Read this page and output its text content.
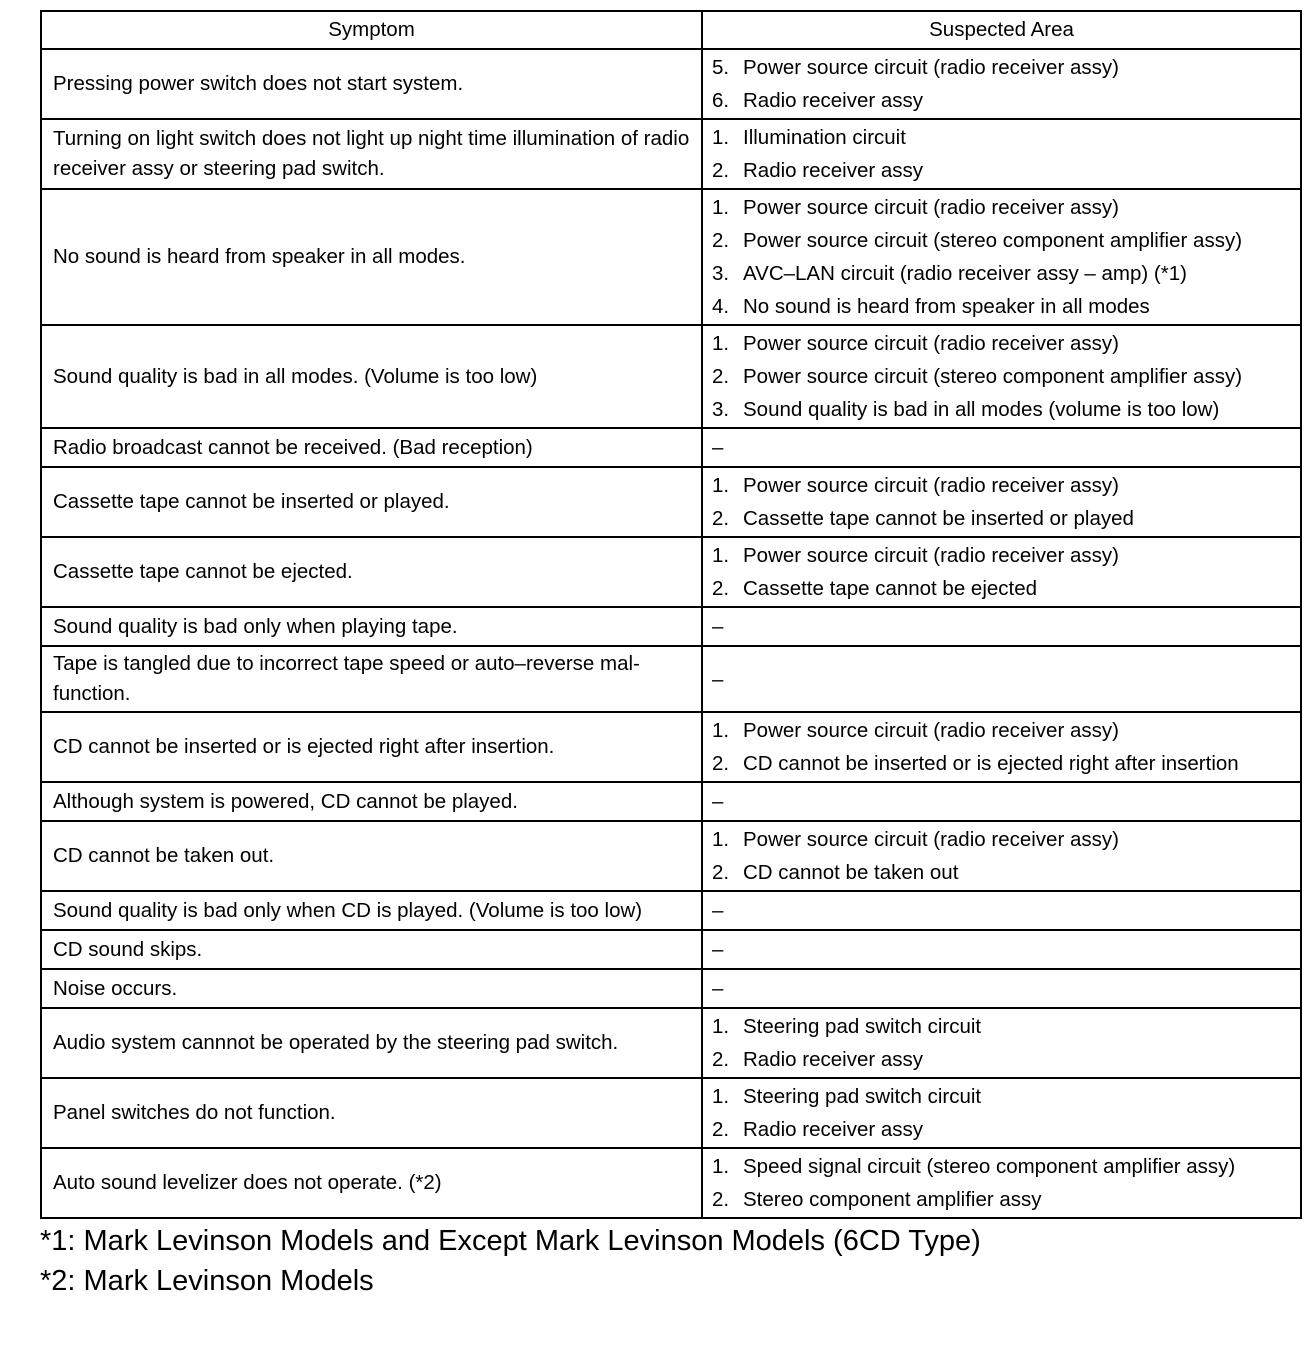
Symptom	Suspected Area
Pressing power switch does not start system.	5. Power source circuit (radio receiver assy)
6. Radio receiver assy

Turning on light switch does not light up night time illumination of radio receiver assy or steering pad switch.	1. Illumination circuit
2. Radio receiver assy

No sound is heard from speaker in all modes.	1. Power source circuit (radio receiver assy)
2. Power source circuit (stereo component amplifier assy)
3. AVC–LAN circuit (radio receiver assy – amp) (*1)
4. No sound is heard from speaker in all modes

Sound quality is bad in all modes. (Volume is too low)	1. Power source circuit (radio receiver assy)
2. Power source circuit (stereo component amplifier assy)
3. Sound quality is bad in all modes (volume is too low)

Radio broadcast cannot be received. (Bad reception)	–
Cassette tape cannot be inserted or played.	1. Power source circuit (radio receiver assy)
2. Cassette tape cannot be inserted or played

Cassette tape cannot be ejected.	1. Power source circuit (radio receiver assy)
2. Cassette tape cannot be ejected

Sound quality is bad only when playing tape.	–
Tape is tangled due to incorrect tape speed or auto–reverse mal-function.	–
CD cannot be inserted or is ejected right after insertion.	1. Power source circuit (radio receiver assy)
2. CD cannot be inserted or is ejected right after insertion

Although system is powered, CD cannot be played.	–
CD cannot be taken out.	1. Power source circuit (radio receiver assy)
2. CD cannot be taken out

Sound quality is bad only when CD is played. (Volume is too low)	–
CD sound skips.	–
Noise occurs.	–
Audio system cannnot be operated by the steering pad switch.	1. Steering pad switch circuit
2. Radio receiver assy

Panel switches do not function.	1. Steering pad switch circuit
2. Radio receiver assy

Auto sound levelizer does not operate. (*2)	1. Speed signal circuit (stereo component amplifier assy)
2. Stereo component amplifier assy
*1: Mark Levinson Models and Except Mark Levinson Models (6CD Type)
*2: Mark Levinson Models
